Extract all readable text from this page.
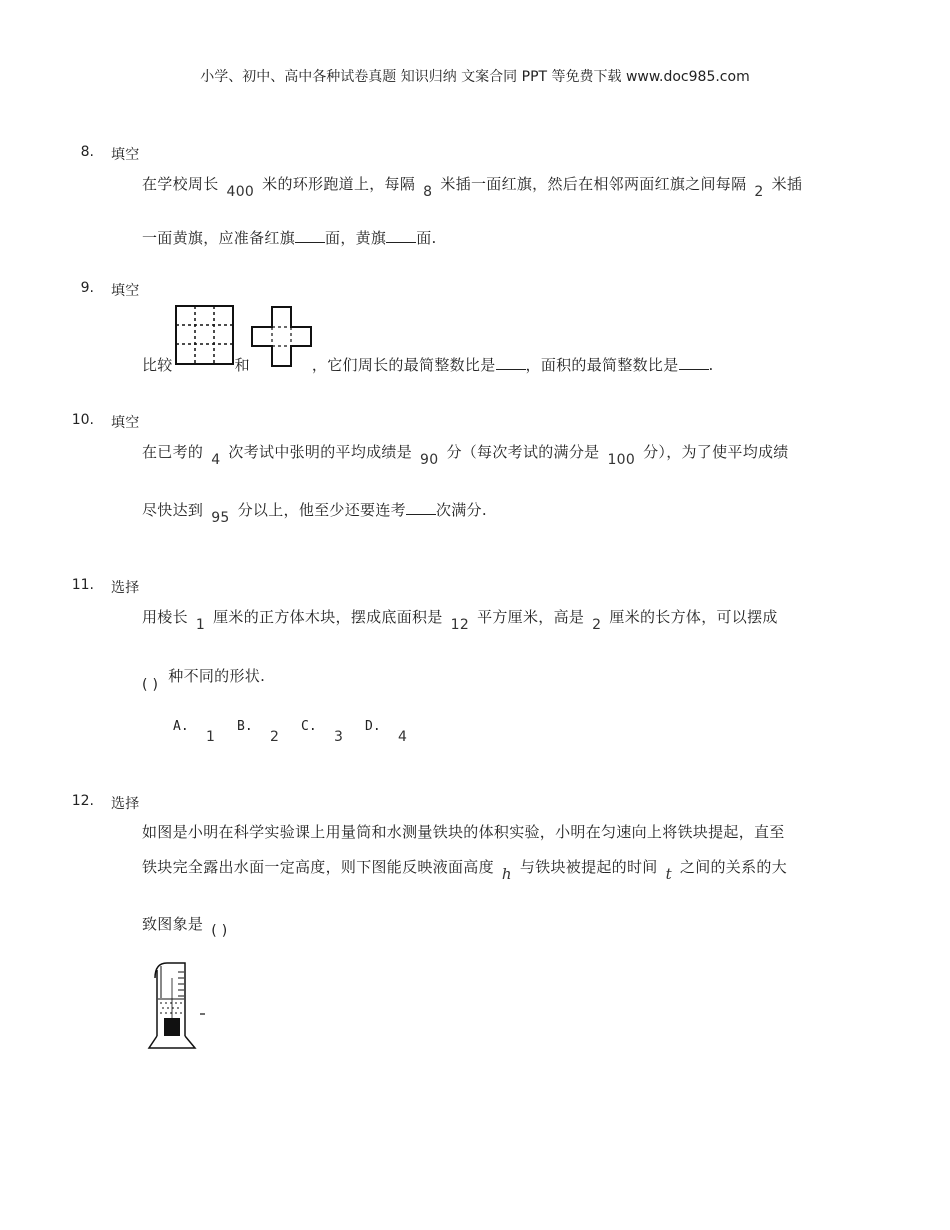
小学、初中、高中各种试卷真题 知识归纳 文案合同 PPT 等免费下载 www.doc985.com
8.	填空
在学校周长 400 米的环形跑道上，每隔 8 米插一面红旗，然后在相邻两面红旗之间每隔 2 米插
一面黄旗，应准备红旗 面，黄旗 面.
9.	填空
比较	和	，它们周长的最简整数比是 ，面积的最简整数比是 .
10.	填空
在已考的 4 次考试中张明的平均成绩是 90 分（每次考试的满分是 100 分），为了使平均成绩
尽快达到 95 分以上，他至少还要连考 次满分.
11.	选择
用棱长 1 厘米的正方体木块，摆成底面积是 12 平方厘米，高是 2 厘米的长方体，可以摆成
( ) 种不同的形状.
A.
1
B.
2
C.
3
D.
4
12.	选择
如图是小明在科学实验课上用量筒和水测量铁块的体积实验，小明在匀速向上将铁块提起，直至
铁块完全露出水面一定高度，则下图能反映液面高度 h 与铁块被提起的时间 t 之间的关系的大
致图象是 ( )
